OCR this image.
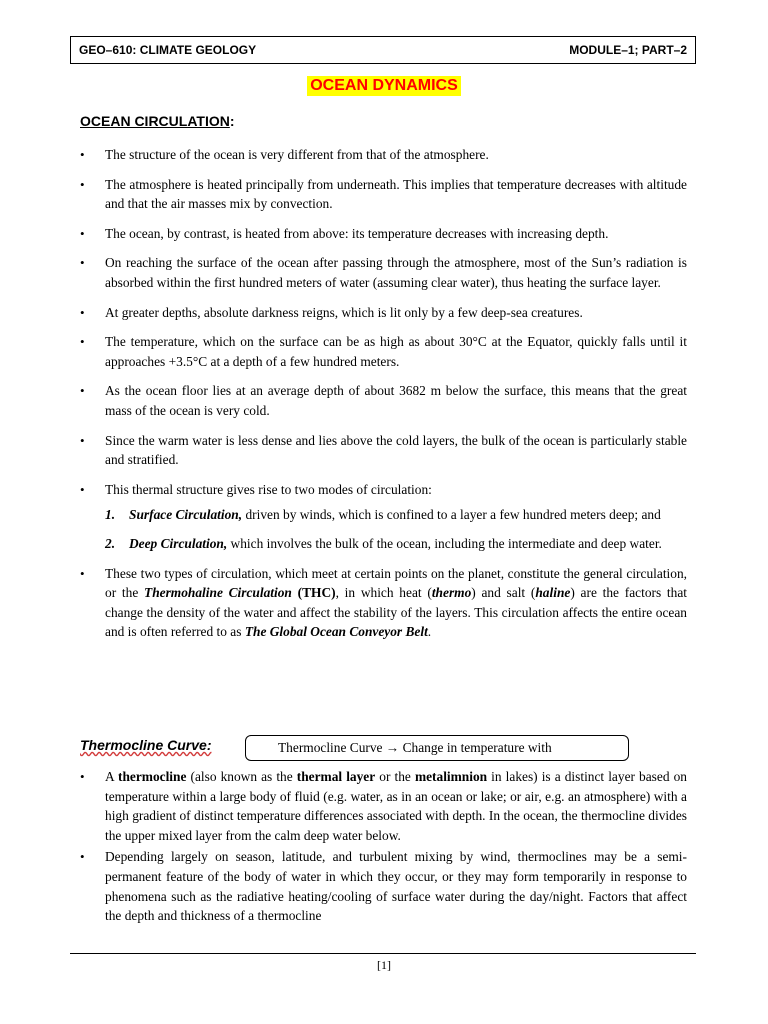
GEO–610: CLIMATE GEOLOGY	MODULE–1; PART–2
OCEAN DYNAMICS
OCEAN CIRCULATION:
• The structure of the ocean is very different from that of the atmosphere.
• The atmosphere is heated principally from underneath. This implies that temperature decreases with altitude and that the air masses mix by convection.
• The ocean, by contrast, is heated from above: its temperature decreases with increasing depth.
• On reaching the surface of the ocean after passing through the atmosphere, most of the Sun’s radiation is absorbed within the first hundred meters of water (assuming clear water), thus heating the surface layer.
• At greater depths, absolute darkness reigns, which is lit only by a few deep-sea creatures.
• The temperature, which on the surface can be as high as about 30°C at the Equator, quickly falls until it approaches +3.5°C at a depth of a few hundred meters.
• As the ocean floor lies at an average depth of about 3682 m below the surface, this means that the great mass of the ocean is very cold.
• Since the warm water is less dense and lies above the cold layers, the bulk of the ocean is particularly stable and stratified.
• This thermal structure gives rise to two modes of circulation:
1. Surface Circulation, driven by winds, which is confined to a layer a few hundred meters deep; and
2. Deep Circulation, which involves the bulk of the ocean, including the intermediate and deep water.
• These two types of circulation, which meet at certain points on the planet, constitute the general circulation, or the Thermohaline Circulation (THC), in which heat (thermo) and salt (haline) are the factors that change the density of the water and affect the stability of the layers. This circulation affects the entire ocean and is often referred to as The Global Ocean Conveyor Belt.
Thermocline Curve:	Thermocline Curve → Change in temperature with
• A thermocline (also known as the thermal layer or the metalimnion in lakes) is a distinct layer based on temperature within a large body of fluid (e.g. water, as in an ocean or lake; or air, e.g. an atmosphere) with a high gradient of distinct temperature differences associated with depth. In the ocean, the thermocline divides the upper mixed layer from the calm deep water below.
• Depending largely on season, latitude, and turbulent mixing by wind, thermoclines may be a semi-permanent feature of the body of water in which they occur, or they may form temporarily in response to phenomena such as the radiative heating/cooling of surface water during the day/night. Factors that affect the depth and thickness of a thermocline
[1]
